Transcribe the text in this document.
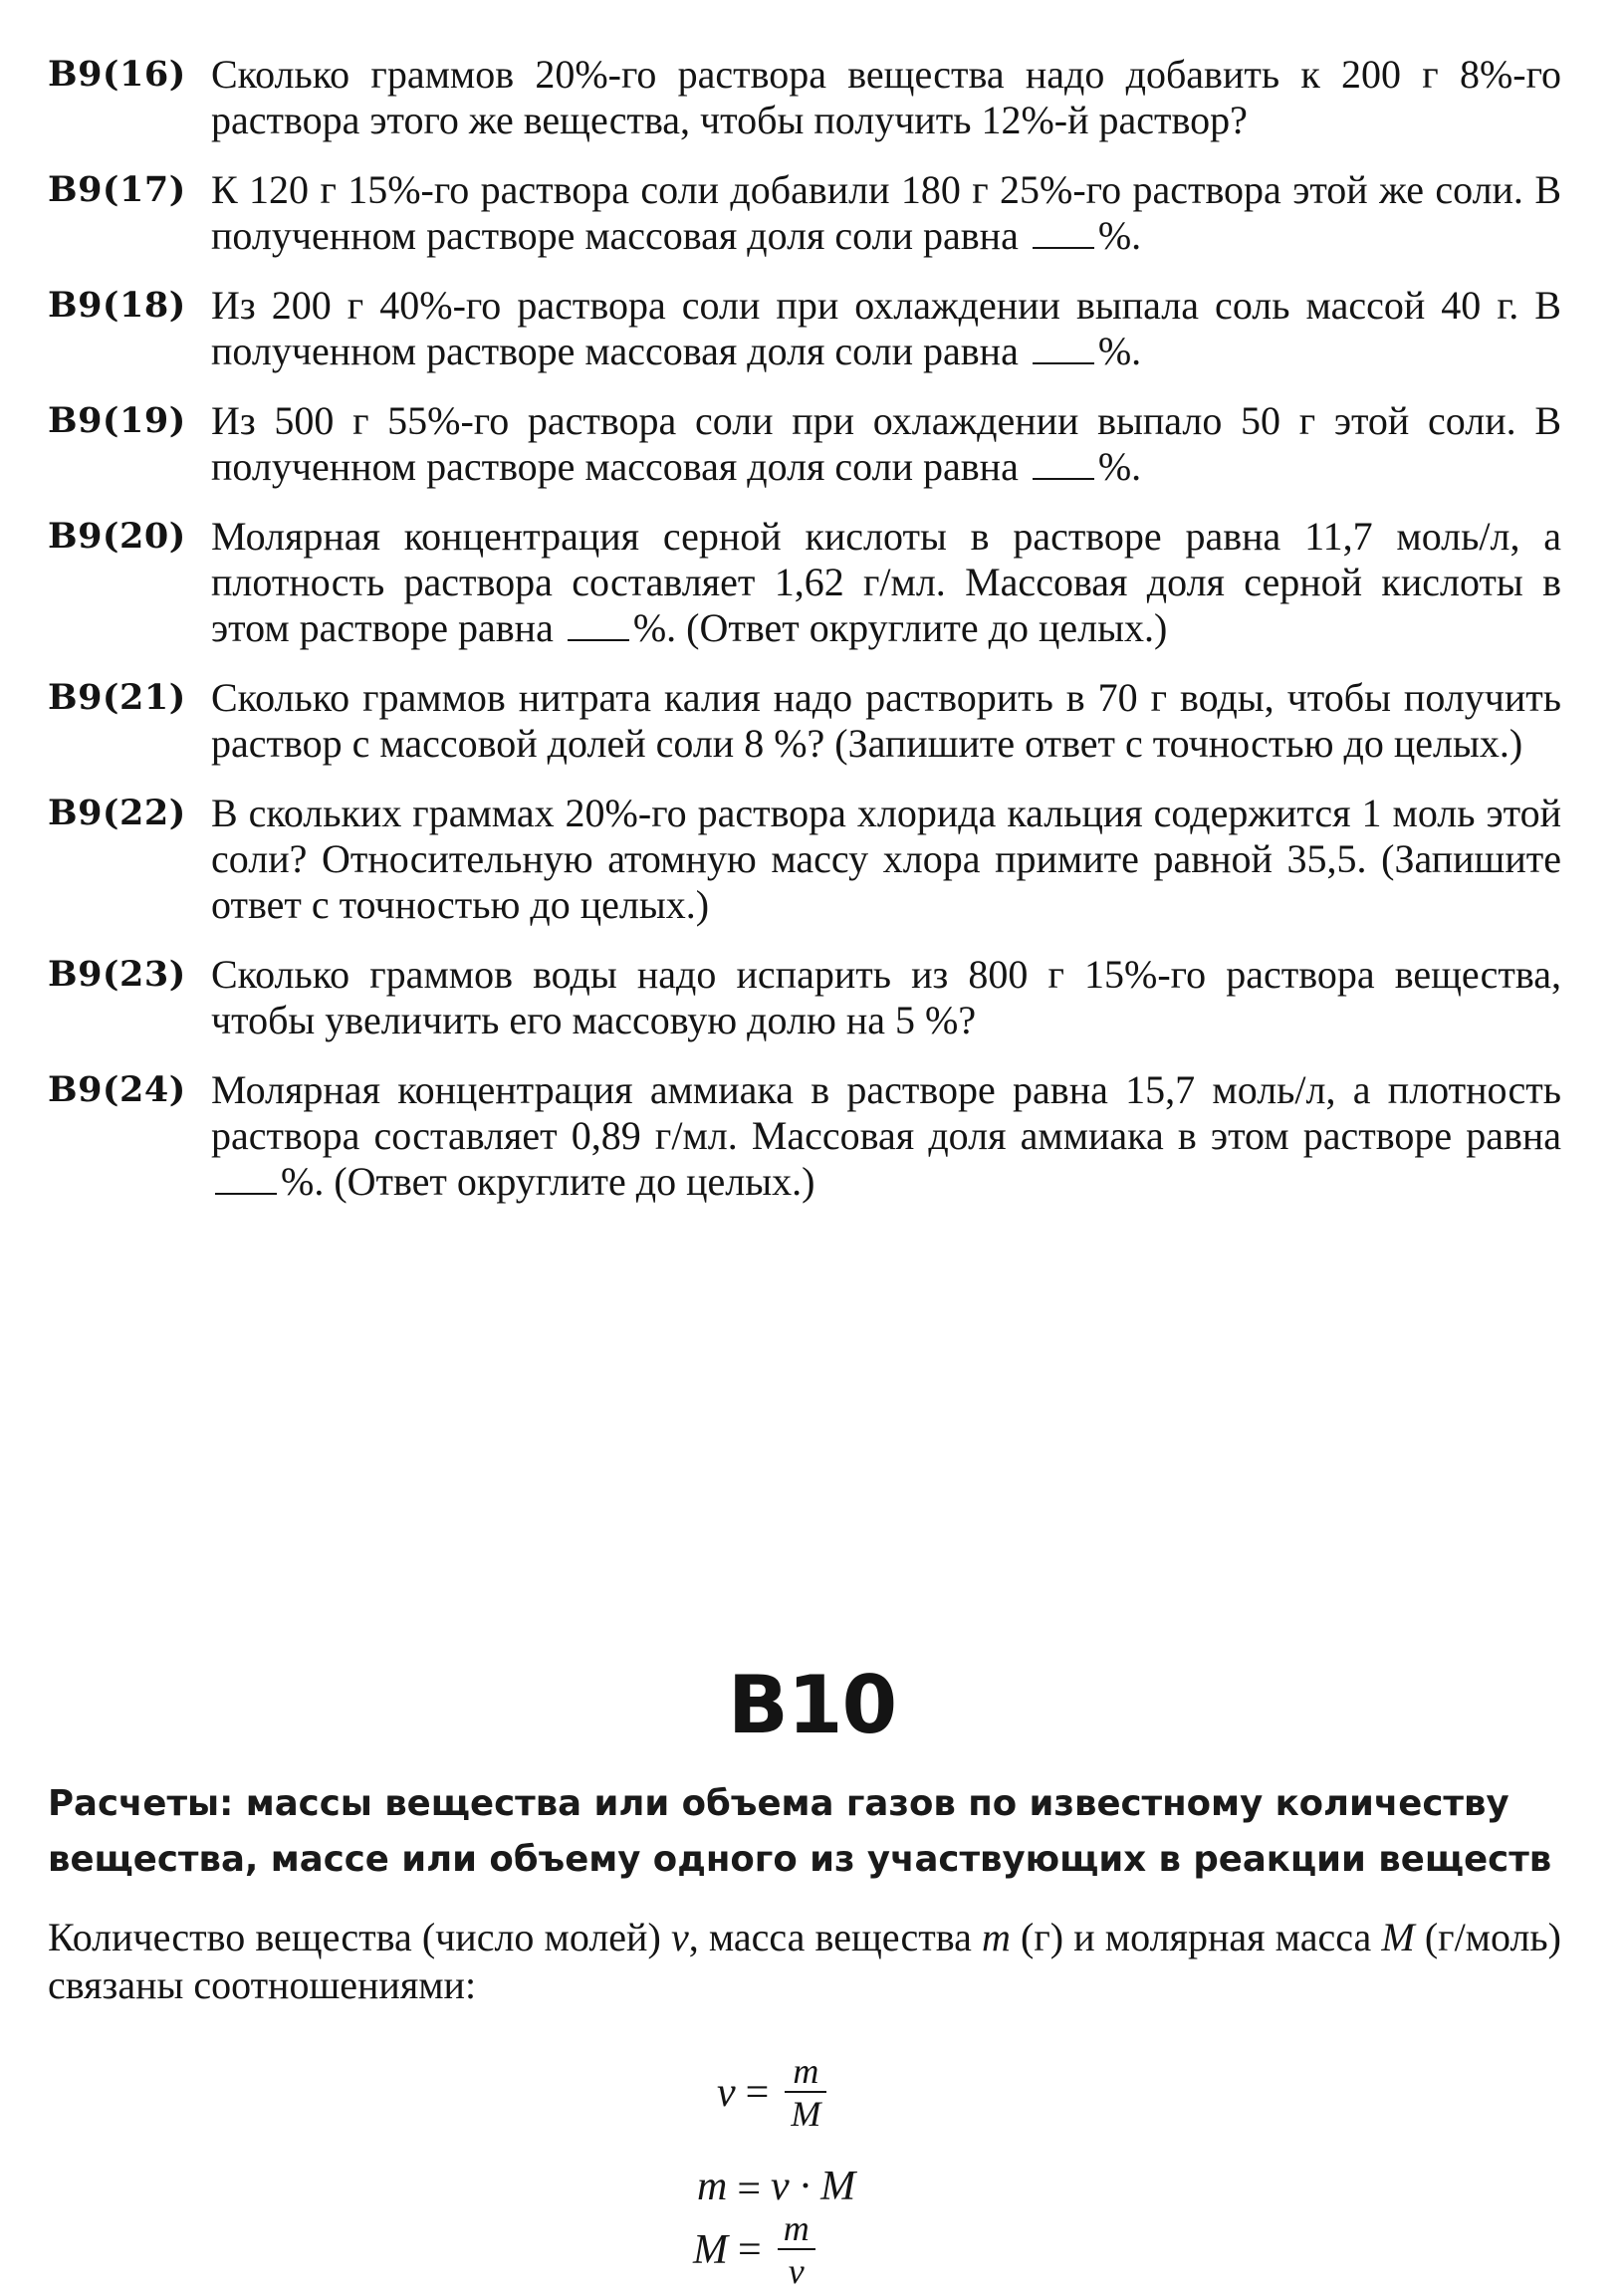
B9(16) Сколько граммов 20%-го раствора вещества надо добавить к 200 г 8%-го раствора этого же вещества, чтобы получить 12%-й раствор?
B9(17) К 120 г 15%-го раствора соли добавили 180 г 25%-го раствора этой же соли. В полученном растворе массовая доля соли равна %.
B9(18) Из 200 г 40%-го раствора соли при охлаждении выпала соль массой 40 г. В полученном растворе массовая доля соли равна %.
B9(19) Из 500 г 55%-го раствора соли при охлаждении выпало 50 г этой соли. В полученном растворе массовая доля соли равна %.
B9(20) Молярная концентрация серной кислоты в растворе равна 11,7 моль/л, а плотность раствора составляет 1,62 г/мл. Массовая доля серной кислоты в этом растворе равна %. (Ответ округлите до целых.)
B9(21) Сколько граммов нитрата калия надо растворить в 70 г воды, чтобы получить раствор с массовой долей соли 8 %? (Запишите ответ с точностью до целых.)
B9(22) В скольких граммах 20%-го раствора хлорида кальция содержится 1 моль этой соли? Относительную атомную массу хлора примите равной 35,5. (Запишите ответ с точностью до целых.)
B9(23) Сколько граммов воды надо испарить из 800 г 15%-го раствора вещества, чтобы увеличить его массовую долю на 5 %?
B9(24) Молярная концентрация аммиака в растворе равна 15,7 моль/л, а плотность раствора составляет 0,89 г/мл. Массовая доля аммиака в этом растворе равна %. (Ответ округлите до целых.)
B10
Расчеты: массы вещества или объема газов по известному количеству вещества, массе или объему одного из участвующих в реакции веществ
Количество вещества (число молей) ν, масса вещества m (г) и молярная масса M (г/моль) связаны соотношениями:
$\nu = \frac{m}{M}$
m = ν · M
$M = \frac{m}{\nu}$
